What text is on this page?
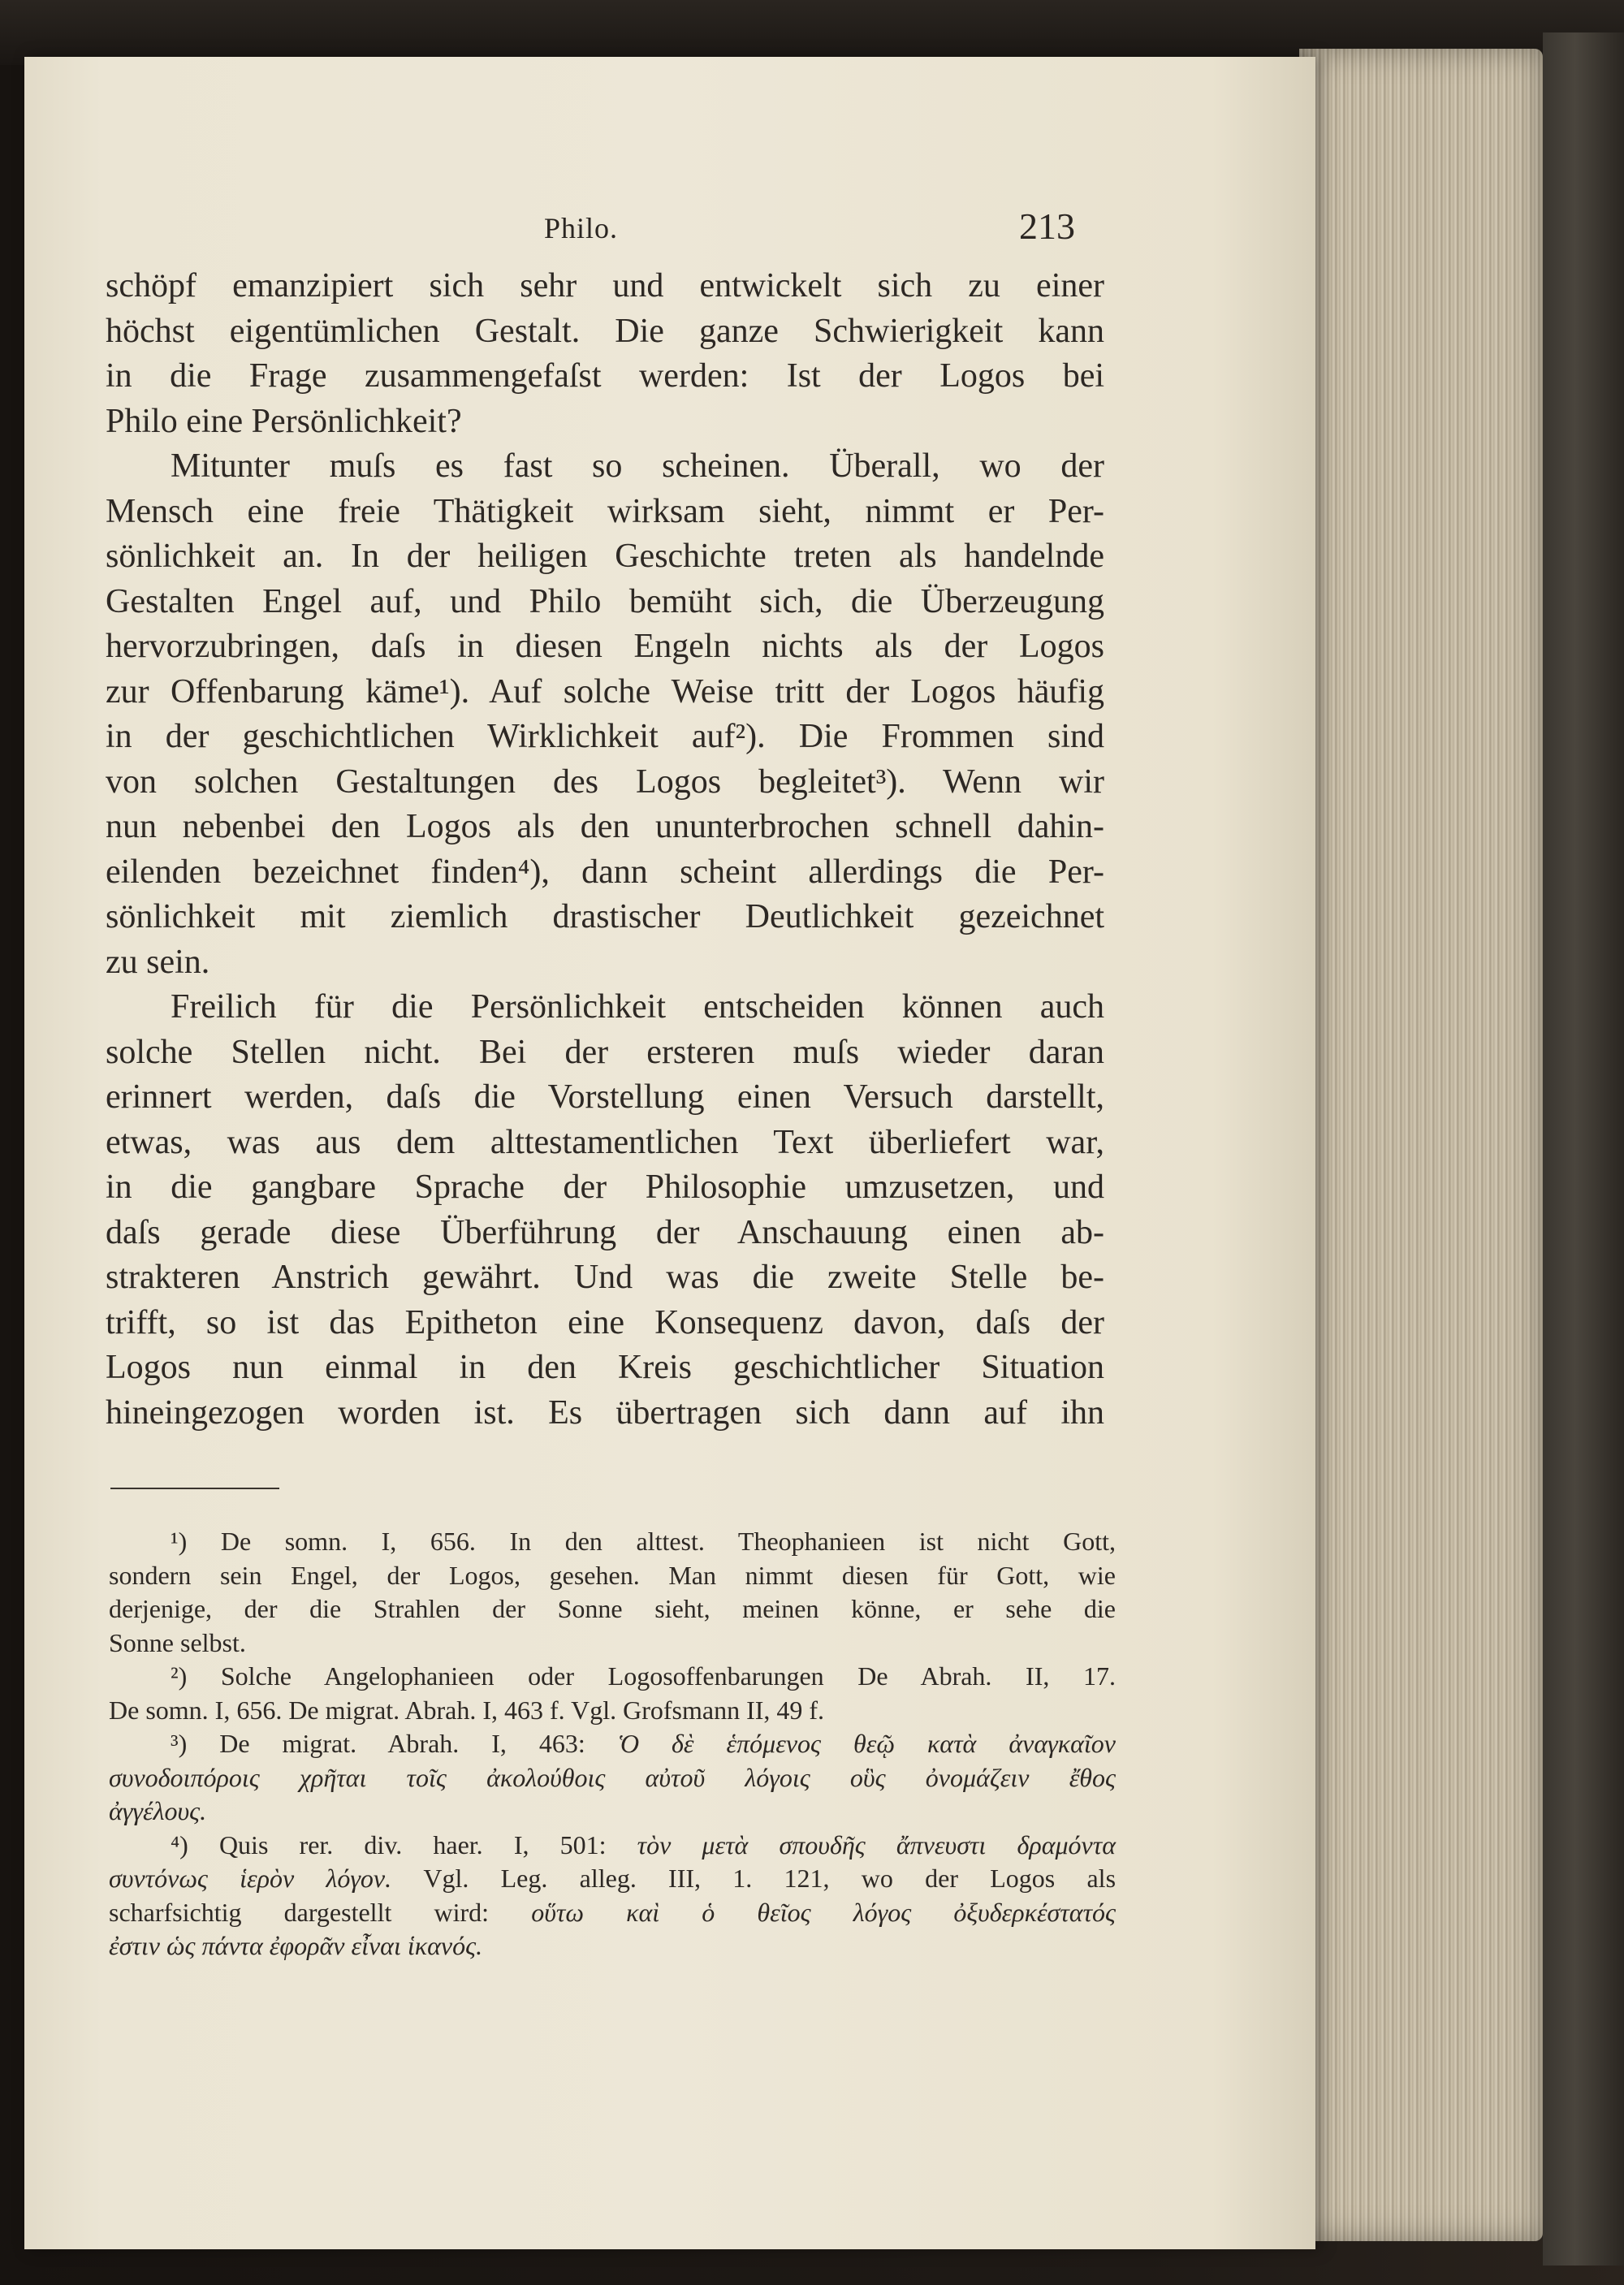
Philo.	213
schöpf emanzipiert sich sehr und entwickelt sich zu einer
höchst eigentümlichen Gestalt. Die ganze Schwierigkeit kann
in die Frage zusammengefaſst werden: Ist der Logos bei
Philo eine Persönlichkeit?
Mitunter muſs es fast so scheinen. Überall, wo der
Mensch eine freie Thätigkeit wirksam sieht, nimmt er Per-
sönlichkeit an. In der heiligen Geschichte treten als handelnde
Gestalten Engel auf, und Philo bemüht sich, die Überzeugung
hervorzubringen, daſs in diesen Engeln nichts als der Logos
zur Offenbarung käme¹). Auf solche Weise tritt der Logos häufig
in der geschichtlichen Wirklichkeit auf²). Die Frommen sind
von solchen Gestaltungen des Logos begleitet³). Wenn wir
nun nebenbei den Logos als den ununterbrochen schnell dahin-
eilenden bezeichnet finden⁴), dann scheint allerdings die Per-
sönlichkeit mit ziemlich drastischer Deutlichkeit gezeichnet
zu sein.
Freilich für die Persönlichkeit entscheiden können auch
solche Stellen nicht. Bei der ersteren muſs wieder daran
erinnert werden, daſs die Vorstellung einen Versuch darstellt,
etwas, was aus dem alttestamentlichen Text überliefert war,
in die gangbare Sprache der Philosophie umzusetzen, und
daſs gerade diese Überführung der Anschauung einen ab-
strakteren Anstrich gewährt. Und was die zweite Stelle be-
trifft, so ist das Epitheton eine Konsequenz davon, daſs der
Logos nun einmal in den Kreis geschichtlicher Situation
hineingezogen worden ist. Es übertragen sich dann auf ihn
¹) De somn. I, 656. In den alttest. Theophanieen ist nicht Gott,
sondern sein Engel, der Logos, gesehen. Man nimmt diesen für Gott, wie
derjenige, der die Strahlen der Sonne sieht, meinen könne, er sehe die
Sonne selbst.
²) Solche Angelophanieen oder Logosoffenbarungen De Abrah. II, 17.
De somn. I, 656. De migrat. Abrah. I, 463 f. Vgl. Grofsmann II, 49 f.
³) De migrat. Abrah. I, 463: Ὁ δὲ ἑπόμενος θεῷ κατὰ ἀναγκαῖον
συνοδοιπόροις χρῆται τοῖς ἀκολούθοις αὐτοῦ λόγοις οὓς ὀνομάζειν ἔθος
ἀγγέλους.
⁴) Quis rer. div. haer. I, 501: τὸν μετὰ σπουδῆς ἄπνευστι δραμόντα
συντόνως ἱερὸν λόγον. Vgl. Leg. alleg. III, 1. 121, wo der Logos als
scharfsichtig dargestellt wird: οὕτω καὶ ὁ θεῖος λόγος ὀξυδερκέστατός
ἐστιν ὡς πάντα ἐφορᾶν εἶναι ἱκανός.
